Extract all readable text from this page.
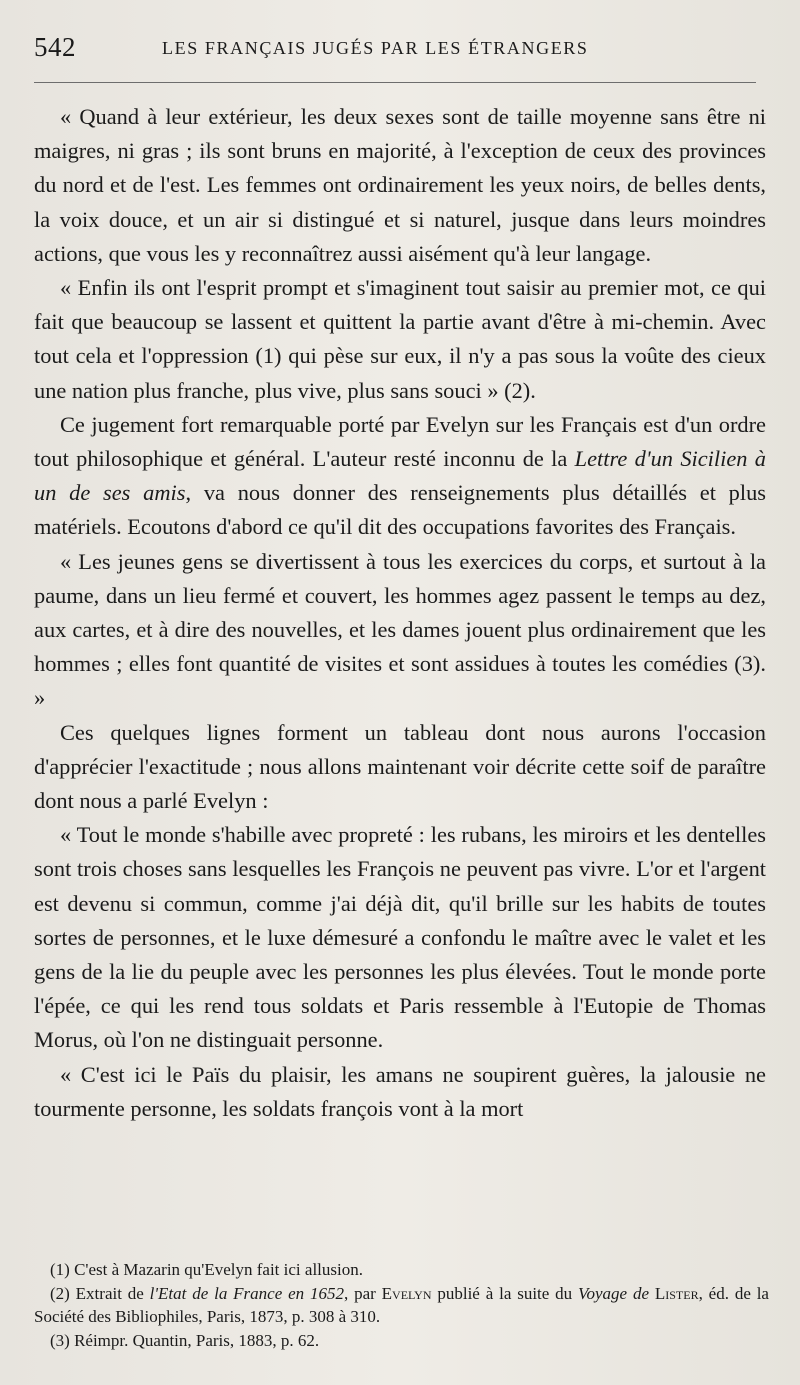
542	LES FRANÇAIS JUGÉS PAR LES ÉTRANGERS

« Quand à leur extérieur, les deux sexes sont de taille moyenne sans être ni maigres, ni gras ; ils sont bruns en majorité, à l'exception de ceux des provinces du nord et de l'est. Les femmes ont ordinairement les yeux noirs, de belles dents, la voix douce, et un air si distingué et si naturel, jusque dans leurs moindres actions, que vous les y reconnaîtrez aussi aisément qu'à leur langage.

« Enfin ils ont l'esprit prompt et s'imaginent tout saisir au premier mot, ce qui fait que beaucoup se lassent et quittent la partie avant d'être à mi-chemin. Avec tout cela et l'oppression (1) qui pèse sur eux, il n'y a pas sous la voûte des cieux une nation plus franche, plus vive, plus sans souci » (2).

Ce jugement fort remarquable porté par Evelyn sur les Français est d'un ordre tout philosophique et général. L'auteur resté inconnu de la Lettre d'un Sicilien à un de ses amis, va nous donner des renseignements plus détaillés et plus matériels. Ecoutons d'abord ce qu'il dit des occupations favorites des Français.

« Les jeunes gens se divertissent à tous les exercices du corps, et surtout à la paume, dans un lieu fermé et couvert, les hommes agez passent le temps au dez, aux cartes, et à dire des nouvelles, et les dames jouent plus ordinairement que les hommes ; elles font quantité de visites et sont assidues à toutes les comédies (3). »

Ces quelques lignes forment un tableau dont nous aurons l'occasion d'apprécier l'exactitude ; nous allons maintenant voir décrite cette soif de paraître dont nous a parlé Evelyn :

« Tout le monde s'habille avec propreté : les rubans, les miroirs et les dentelles sont trois choses sans lesquelles les François ne peuvent pas vivre. L'or et l'argent est devenu si commun, comme j'ai déjà dit, qu'il brille sur les habits de toutes sortes de personnes, et le luxe démesuré a confondu le maître avec le valet et les gens de la lie du peuple avec les personnes les plus élevées. Tout le monde porte l'épée, ce qui les rend tous soldats et Paris ressemble à l'Eutopie de Thomas Morus, où l'on ne distinguait personne.

« C'est ici le Païs du plaisir, les amans ne soupirent guères, la jalousie ne tourmente personne, les soldats françois vont à la mort

(1) C'est à Mazarin qu'Evelyn fait ici allusion.

(2) Extrait de l'Etat de la France en 1652, par Evelyn publié à la suite du Voyage de Lister, éd. de la Société des Bibliophiles, Paris, 1873, p. 308 à 310.

(3) Réimpr. Quantin, Paris, 1883, p. 62.
